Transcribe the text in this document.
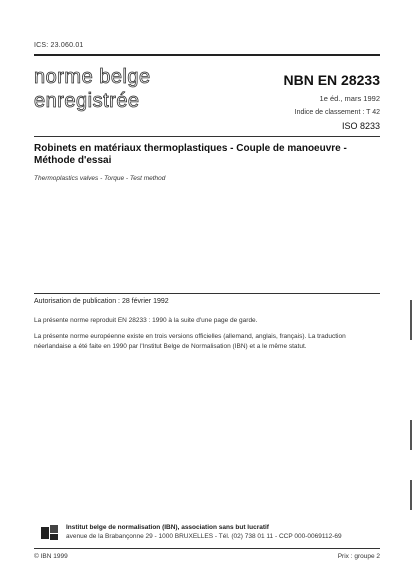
ICS: 23.060.01
norme belge
enregistrée
NBN EN 28233
1e éd., mars 1992
Indice de classement : T 42
ISO 8233
Robinets en matériaux thermoplastiques - Couple de manoeuvre -
Méthode d'essai
Thermoplastics valves - Torque - Test method
Autorisation de publication : 28 février 1992
La présente norme reproduit EN 28233 : 1990 à la suite d'une page de garde.
La présente norme européenne existe en trois versions officielles (allemand, anglais, français). La traduction néerlandaise a été faite en 1990 par l'Institut Belge de Normalisation (IBN) et a le même statut.
Institut belge de normalisation (IBN), association sans but lucratif
avenue de la Brabançonne 29 - 1000 BRUXELLES - Tél. (02) 738 01 11 - CCP 000-0069112-69
© IBN 1999	Prix : groupe 2
